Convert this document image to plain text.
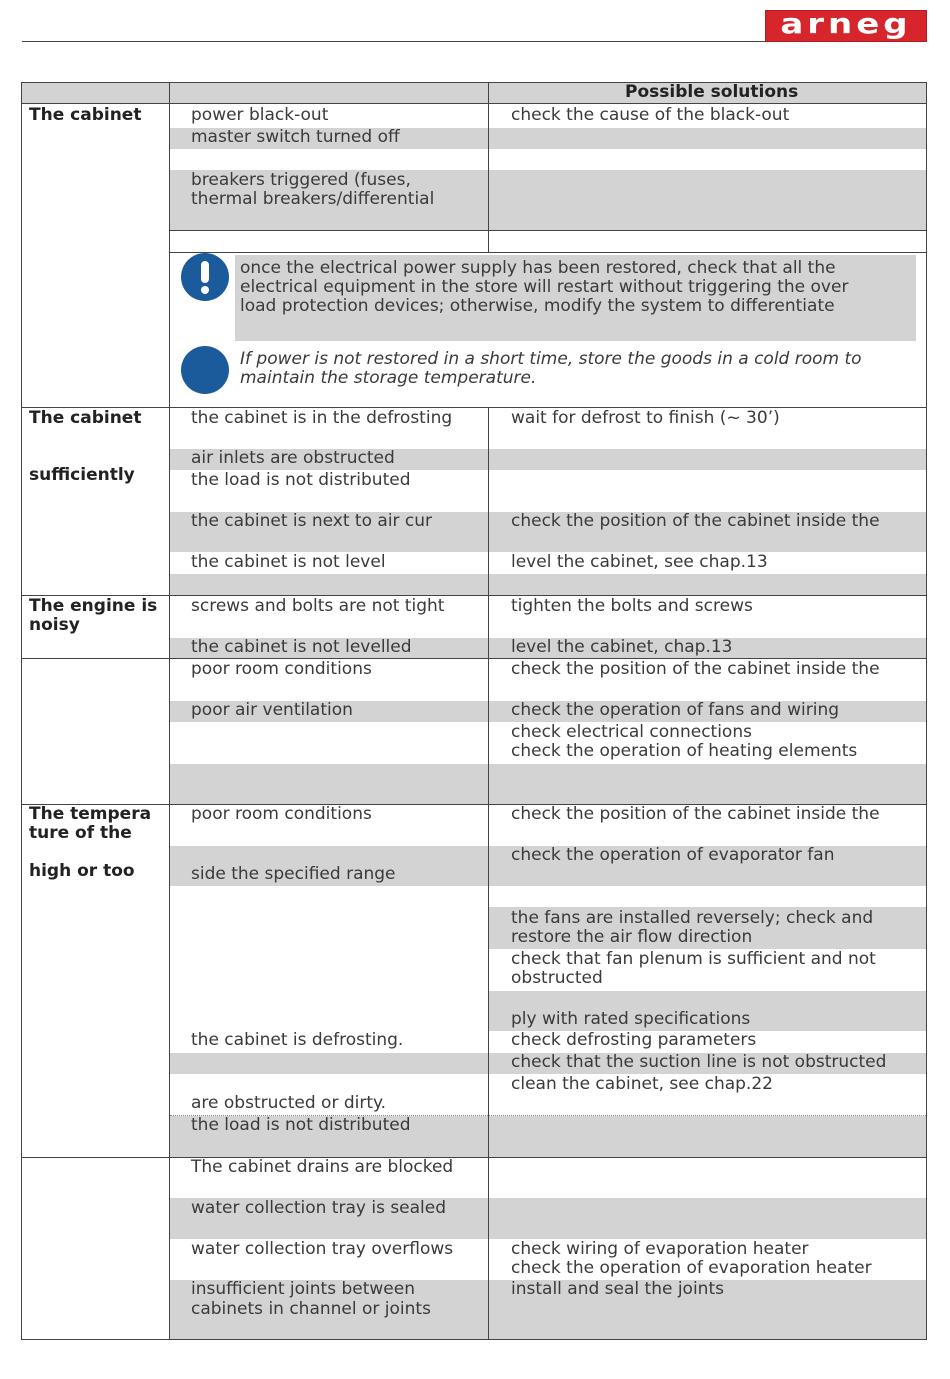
arneg
Possible solutions
The cabinet	power black-out
master switch turned off
breakers triggered (fuses,
thermal breakers/differential
check the cause of the black-out
once the electrical power supply has been restored, check that all the
electrical equipment in the store will restart without triggering the over
load protection devices; otherwise, modify the system to differentiate
If power is not restored in a short time, store the goods in a cold room to
maintain the storage temperature.
The cabinet
sufficiently
the cabinet is in the defrosting
air inlets are obstructed
the load is not distributed
the cabinet is next to air cur
the cabinet is not level
wait for defrost to finish (~ 30’)
check the position of the cabinet inside the
level the cabinet, see chap.13
The engine is
noisy
screws and bolts are not tight
the cabinet is not levelled
tighten the bolts and screws
level the cabinet, chap.13
poor room conditions
poor air ventilation
check the position of the cabinet inside the
check the operation of fans and wiring
check electrical connections
check the operation of heating elements
The tempera
ture of the
high or too
poor room conditions
side the specified range
the cabinet is defrosting.
are obstructed or dirty.
the load is not distributed
check the position of the cabinet inside the
check the operation of evaporator fan
the fans are installed reversely; check and
restore the air flow direction
check that fan plenum is sufficient and not
obstructed
ply with rated specifications
check defrosting parameters
check that the suction line is not obstructed
clean the cabinet, see chap.22
The cabinet drains are blocked
water collection tray is sealed
water collection tray overflows
insufficient joints between
cabinets in channel or joints
check wiring of evaporation heater
check the operation of evaporation heater
install and seal the joints
